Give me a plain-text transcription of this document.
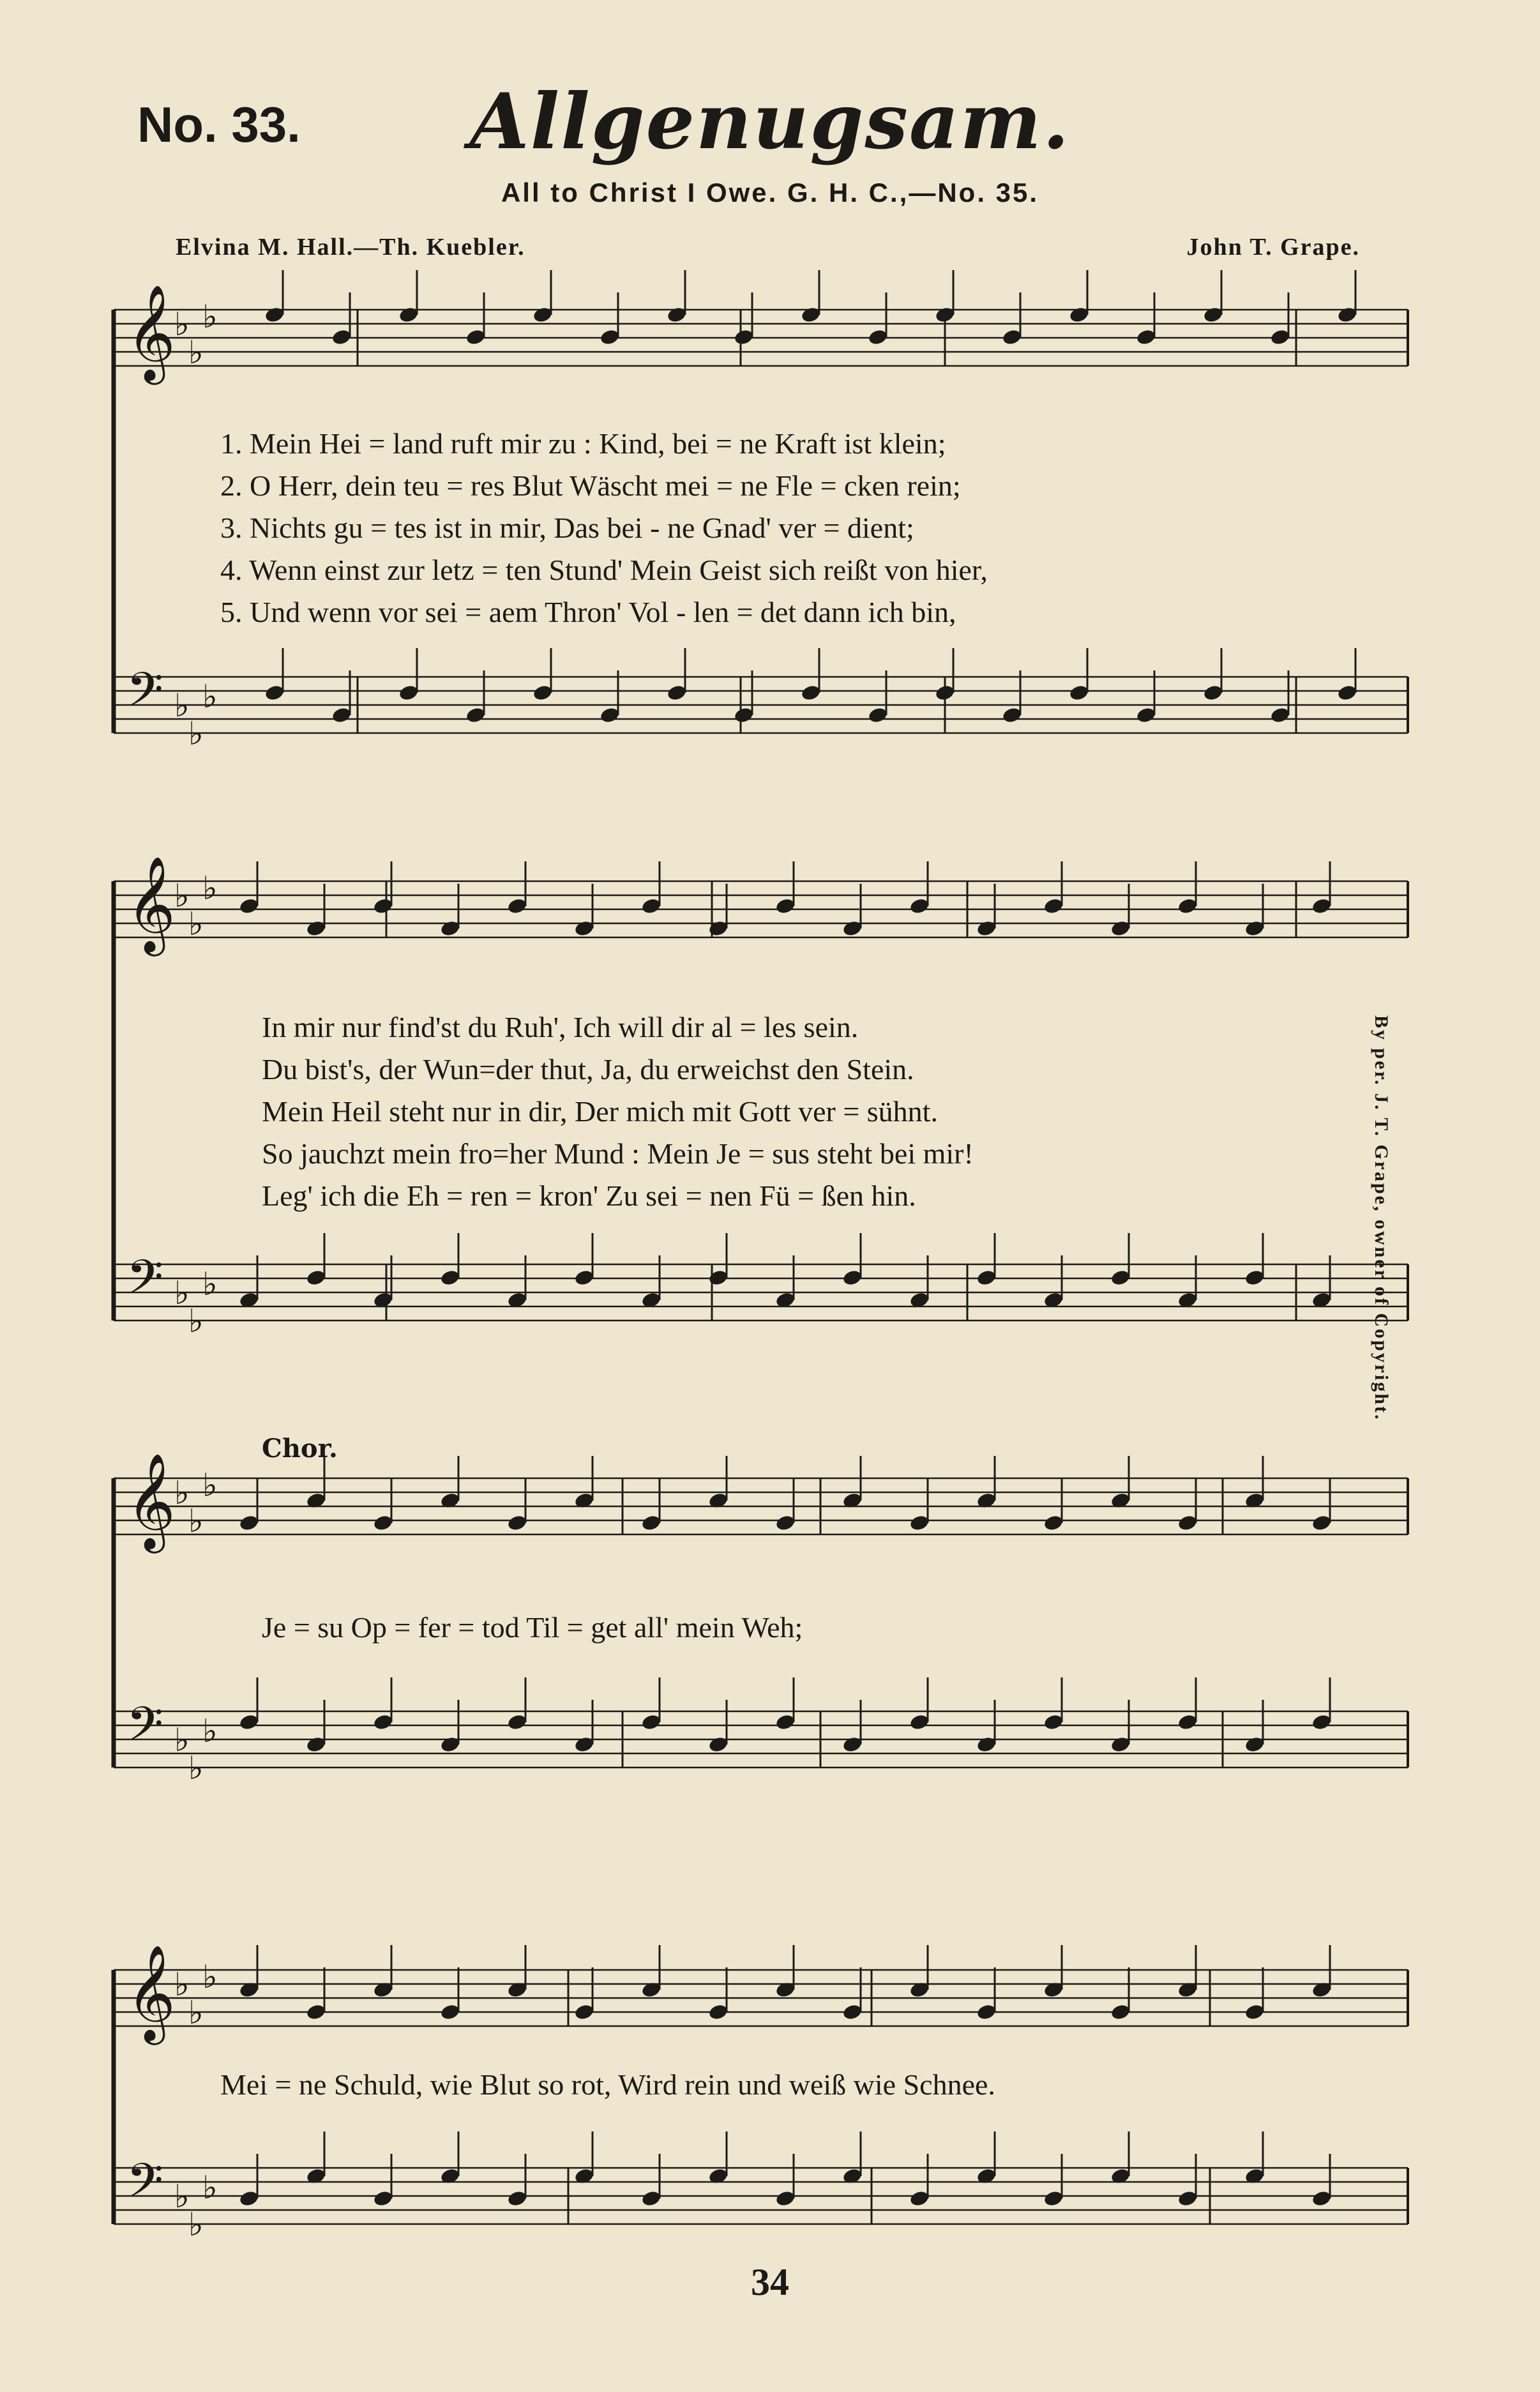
No. 33.	Allgenugsam.
All to Christ I Owe. G. H. C.,—No. 35.
Elvina M. Hall.—Th. Kuebler.	John T. Grape.
𝄞
♭
♭
♭
𝄢 ♭
♭
♭
𝄞
♭
♭
♭
𝄢 ♭
♭
♭
𝄞
♭
♭
♭
𝄢 ♭
♭
♭
𝄞
♭
♭
♭
𝄢 ♭
♭
♭
1. Mein Hei = land ruft mir zu : Kind, bei = ne Kraft ist klein;
2. O Herr, dein teu = res Blut Wäscht mei = ne Fle = cken rein;
3. Nichts gu = tes ist in mir, Das bei - ne Gnad' ver = dient;
4. Wenn einst zur letz = ten Stund' Mein Geist sich reißt von hier,
5. Und wenn vor sei = aem Thron' Vol - len = det dann ich bin,
In mir nur find'st du Ruh', Ich will dir al = les sein.
Du bist's, der Wun=der thut, Ja, du erweichst den Stein.
Mein Heil steht nur in dir, Der mich mit Gott ver = sühnt.
So jauchzt mein fro=her Mund : Mein Je = sus steht bei mir!
Leg' ich die Eh = ren = kron' Zu sei = nen Fü = ßen hin.
Chor.
Je = su Op = fer = tod Til = get all' mein Weh;
Mei = ne Schuld, wie Blut so rot, Wird rein und weiß wie Schnee.
By per. J. T. Grape, owner of Copyright.
34
